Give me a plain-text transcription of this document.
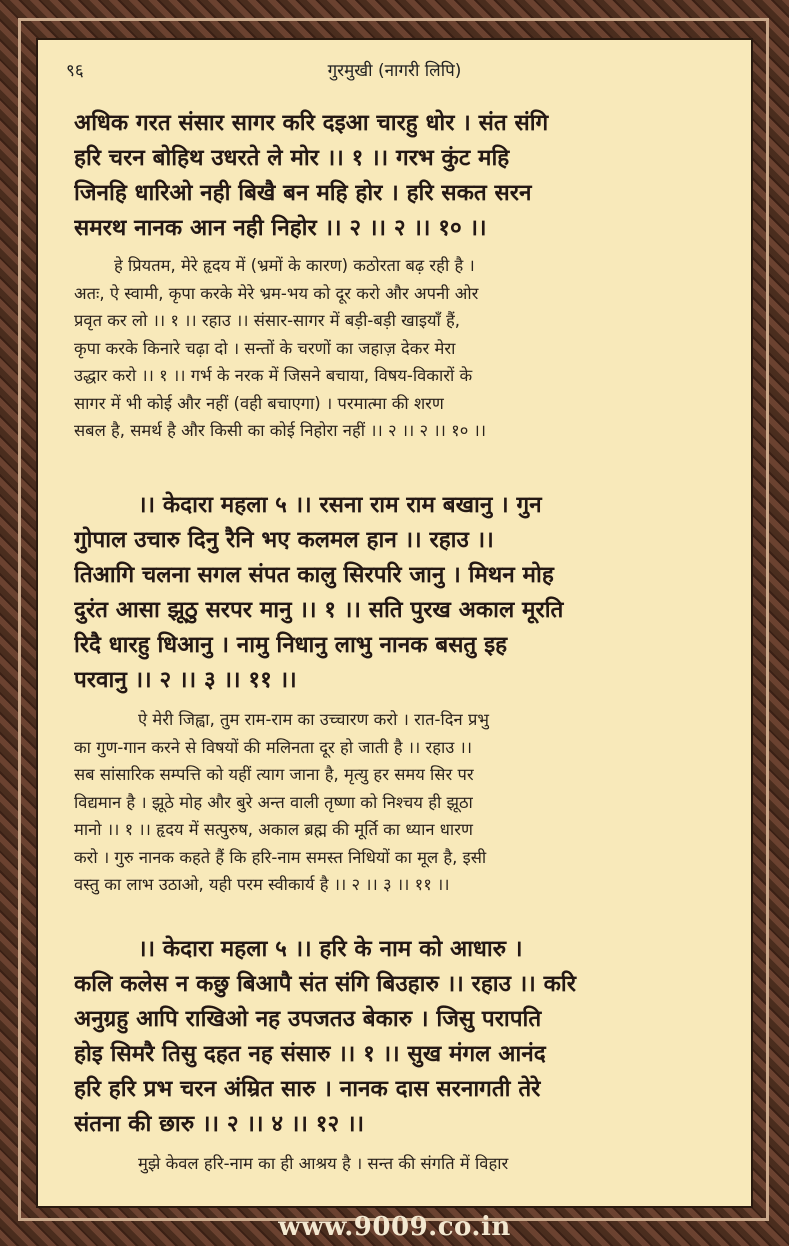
९६	गुरमुखी (नागरी लिपि)
अधिक गरत संसार सागर करि दइआ चारहु धोर । संत संगि
हरि चरन बोहिथ उधरते ले मोर ।। १ ।। गरभ कुंट महि
जिनहि धारिओ नही बिखै बन महि होर । हरि सकत सरन
समरथ नानक आन नही निहोर ।। २ ।। २ ।। १० ।।
हे प्रियतम, मेरे हृदय में (भ्रमों के कारण) कठोरता बढ़ रही है ।
अतः, ऐ स्वामी, कृपा करके मेरे भ्रम-भय को दूर करो और अपनी ओर
प्रवृत कर लो ।। १ ।। रहाउ ।। संसार-सागर में बड़ी-बड़ी खाइयाँ हैं,
कृपा करके किनारे चढ़ा दो । सन्तों के चरणों का जहाज़ देकर मेरा
उद्धार करो ।। १ ।। गर्भ के नरक में जिसने बचाया, विषय-विकारों के
सागर में भी कोई और नहीं (वही बचाएगा) । परमात्मा की शरण
सबल है, समर्थ है और किसी का कोई निहोरा नहीं ।। २ ।। २ ।। १० ।।
।। केदारा महला ५ ।। रसना राम राम बखानु । गुन
गुोपाल उचारु दिनु रैनि भए कलमल हान ।। रहाउ ।।
तिआगि चलना सगल संपत कालु सिरपरि जानु । मिथन मोह
दुरंत आसा झूठु सरपर मानु ।। १ ।। सति पुरख अकाल मूरति
रिदै धारहु धिआनु । नामु निधानु लाभु नानक बसतु इह
परवानु ।। २ ।। ३ ।। ११ ।।
ऐ मेरी जिह्वा, तुम राम-राम का उच्चारण करो । रात-दिन प्रभु
का गुण-गान करने से विषयों की मलिनता दूर हो जाती है ।। रहाउ ।।
सब सांसारिक सम्पत्ति को यहीं त्याग जाना है, मृत्यु हर समय सिर पर
विद्यमान है । झूठे मोह और बुरे अन्त वाली तृष्णा को निश्चय ही झूठा
मानो ।। १ ।। हृदय में सत्पुरुष, अकाल ब्रह्म की मूर्ति का ध्यान धारण
करो । गुरु नानक कहते हैं कि हरि-नाम समस्त निधियों का मूल है, इसी
वस्तु का लाभ उठाओ, यही परम स्वीकार्य है ।। २ ।। ३ ।। ११ ।।
।। केदारा महला ५ ।। हरि के नाम को आधारु ।
कलि कलेस न कछु बिआपै संत संगि बिउहारु ।। रहाउ ।। करि
अनुग्रहु आपि राखिओ नह उपजतउ बेकारु । जिसु परापति
होइ सिमरै तिसु दहत नह संसारु ।। १ ।। सुख मंगल आनंद
हरि हरि प्रभ चरन अंम्रित सारु । नानक दास सरनागती तेरे
संतना की छारु ।। २ ।। ४ ।। १२ ।।
मुझे केवल हरि-नाम का ही आश्रय है । सन्त की संगति में विहार
www.9009.co.in
